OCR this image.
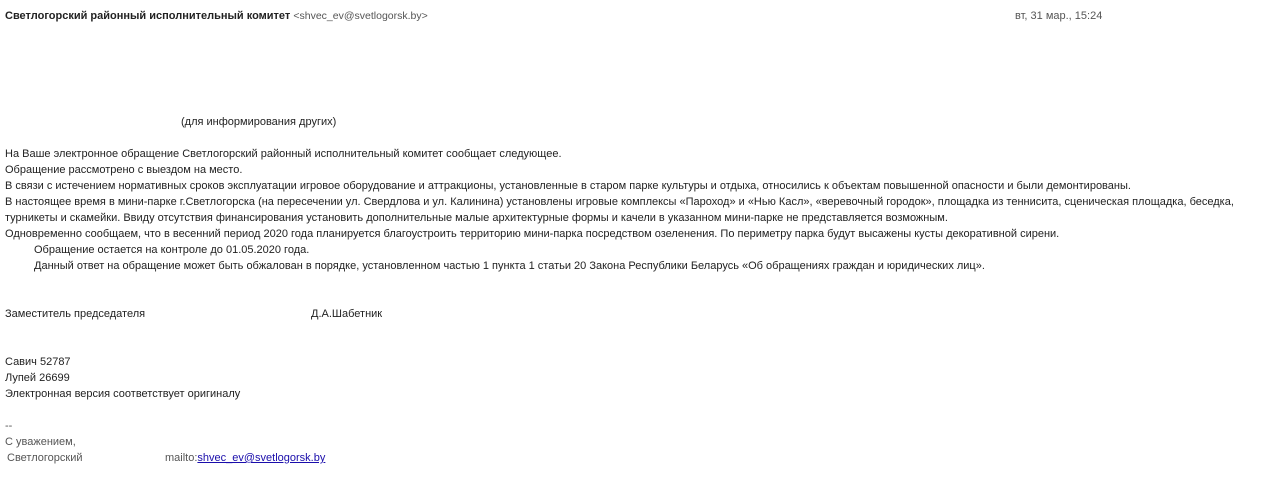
Светлогорский районный исполнительный комитет <shvec_ev@svetlogorsk.by>	вт, 31 мар., 15:24
(для информирования других)
На Ваше электронное обращение Светлогорский районный исполнительный комитет сообщает следующее.
Обращение рассмотрено с выездом на место.
В связи с истечением нормативных сроков эксплуатации игровое оборудование и аттракционы, установленные в старом парке культуры и отдыха, относились к объектам повышенной опасности и были демонтированы.
В настоящее время в мини-парке г.Светлогорска (на пересечении ул. Свердлова и ул. Калинина) установлены игровые комплексы «Пароход» и «Нью Касл», «веревочный городок», площадка из теннисита, сценическая площадка, беседка,
турникеты и скамейки. Ввиду отсутствия финансирования установить дополнительные малые архитектурные формы и качели в указанном мини-парке не представляется возможным.
Одновременно сообщаем, что в весенний период 2020 года планируется благоустроить территорию мини-парка посредством озеленения. По периметру парка будут высажены кусты декоративной сирени.
Обращение остается на контроле до 01.05.2020 года.
Данный ответ на обращение может быть обжалован в порядке, установленном частью 1 пункта 1 статьи 20 Закона Республики Беларусь «Об обращениях граждан и юридических лиц».
Заместитель председателя	Д.А.Шабетник
Савич 52787
Лупей 26699
Электронная версия соответствует оригиналу
--
С уважением,
Светлогорский	mailto:shvec_ev@svetlogorsk.by
